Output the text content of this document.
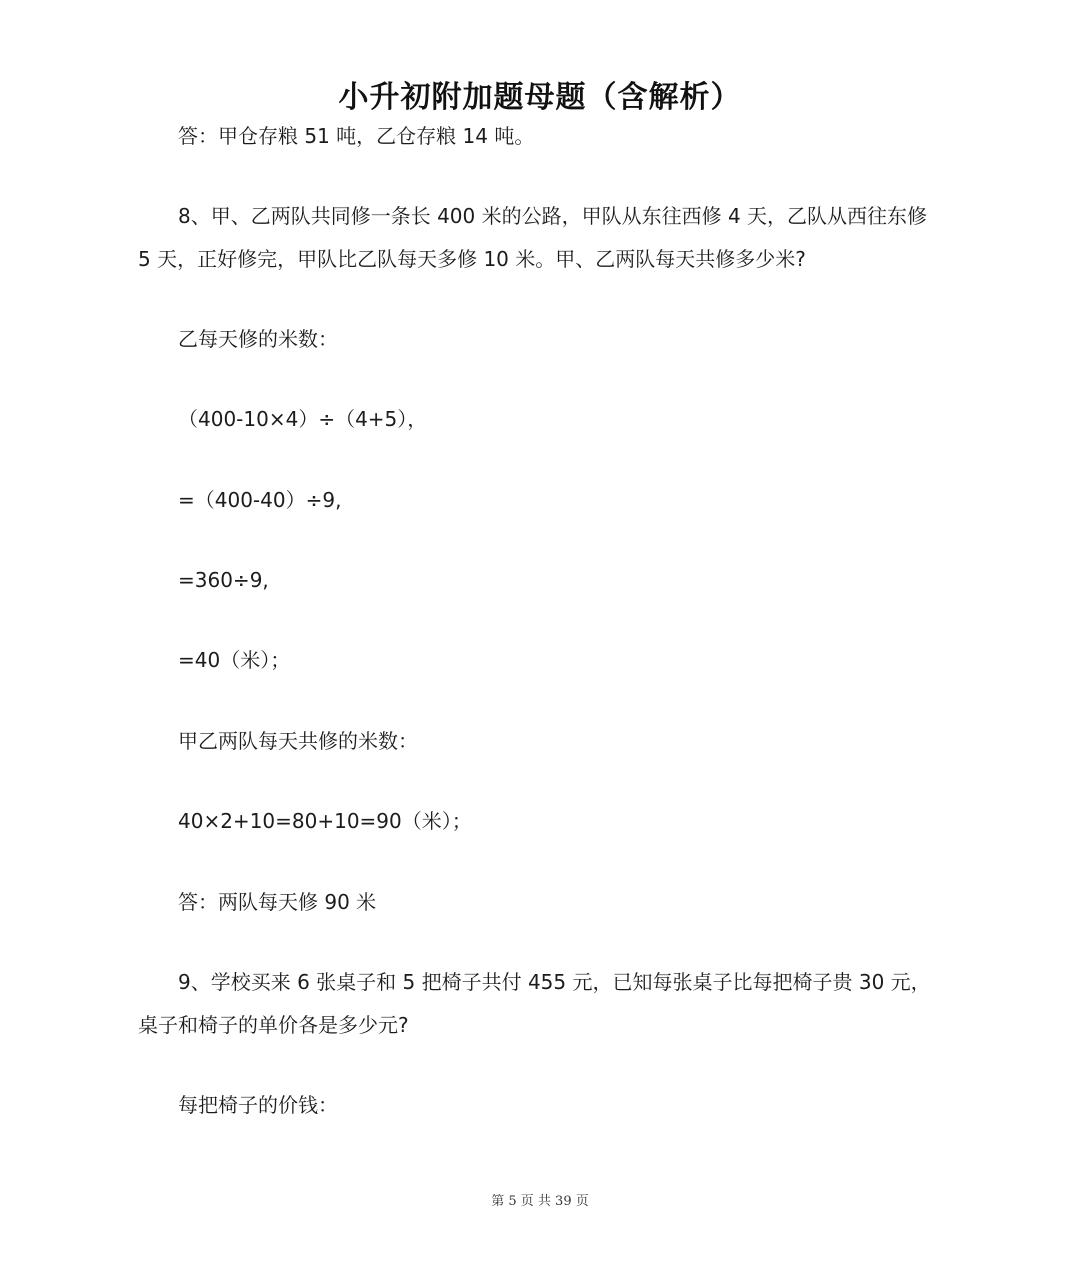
小升初附加题母题（含解析）
答：甲仓存粮 51 吨，乙仓存粮 14 吨。
8、甲、乙两队共同修一条长 400 米的公路，甲队从东往西修 4 天，乙队从西往东修
5 天，正好修完，甲队比乙队每天多修 10 米。甲、乙两队每天共修多少米?
乙每天修的米数：
（400-10×4）÷（4+5），
=（400-40）÷9,
=360÷9,
=40（米）；
甲乙两队每天共修的米数：
40×2+10=80+10=90（米）；
答：两队每天修 90 米
9、学校买来 6 张桌子和 5 把椅子共付 455 元，已知每张桌子比每把椅子贵 30 元，
桌子和椅子的单价各是多少元?
每把椅子的价钱：
第 5 页 共 39 页
